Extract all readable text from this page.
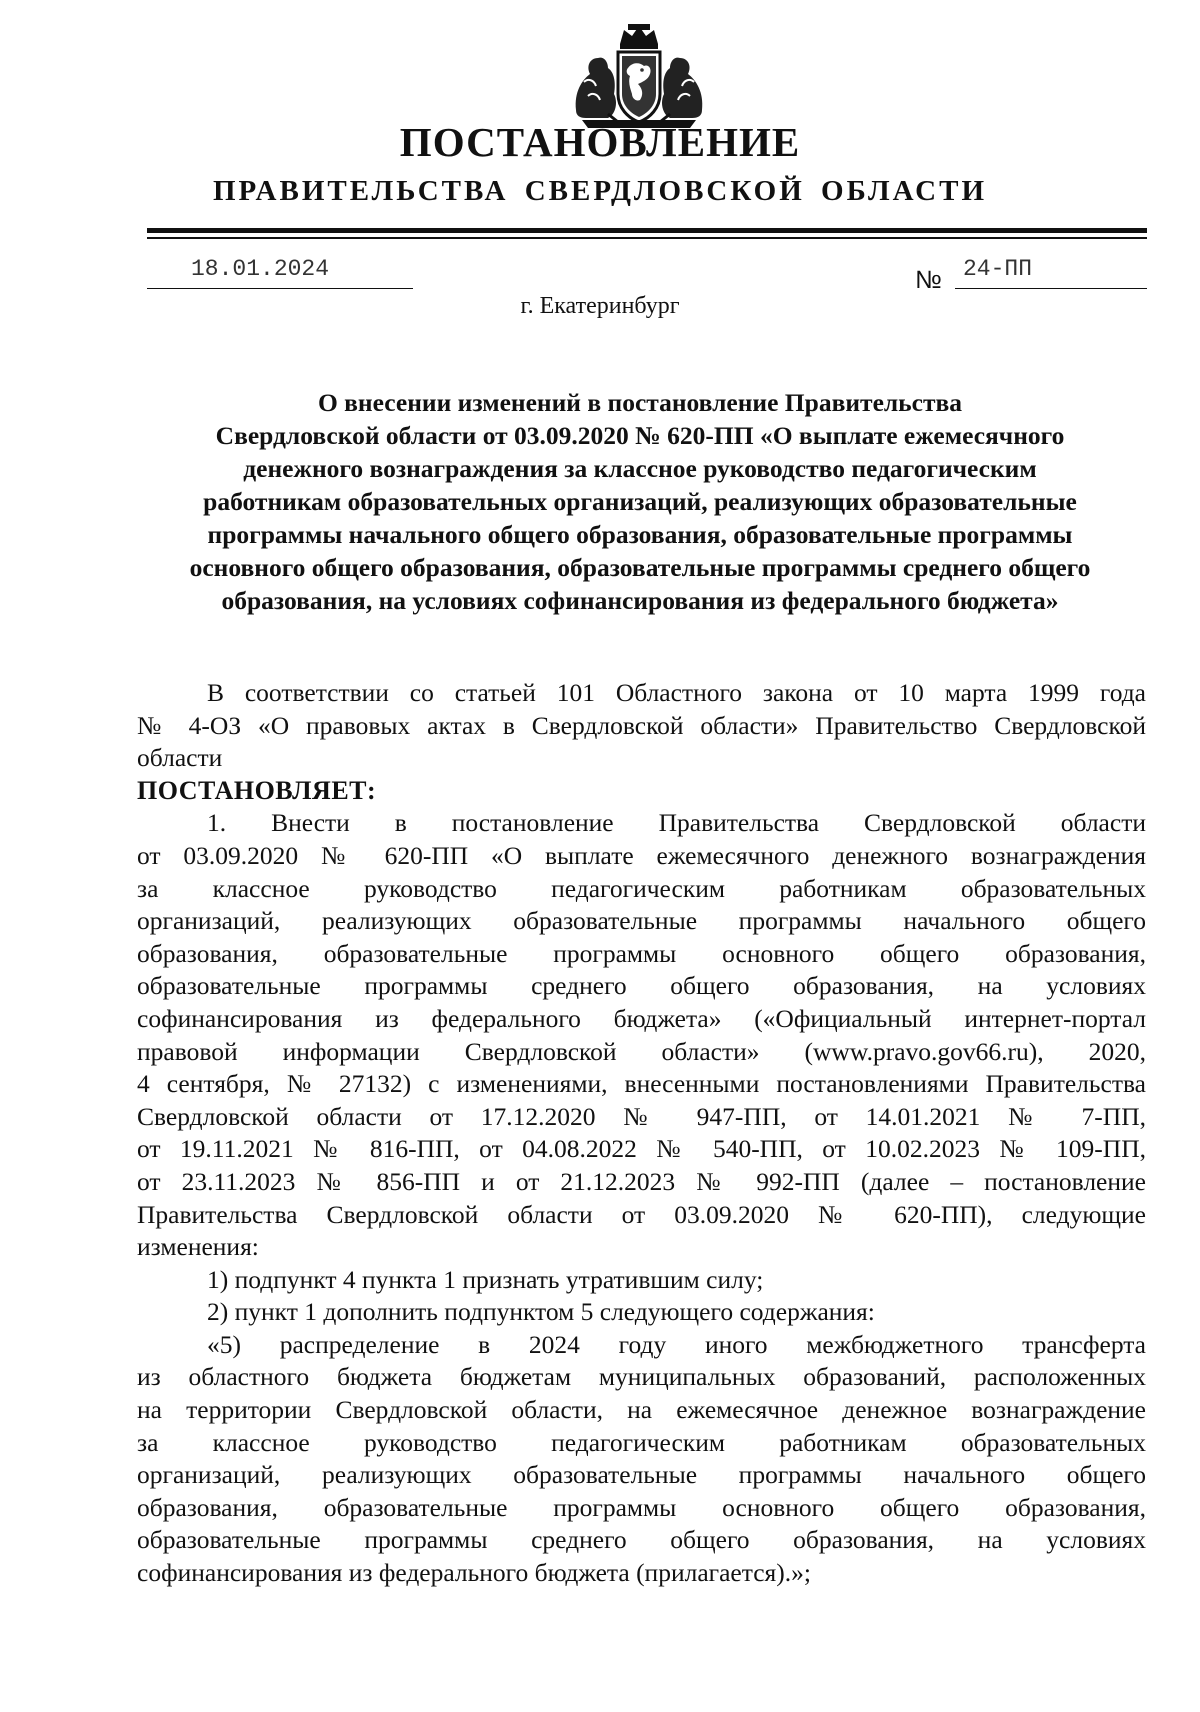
ПОСТАНОВЛЕНИЕ
ПРАВИТЕЛЬСТВА СВЕРДЛОВСКОЙ ОБЛАСТИ
18.01.2024	№ 24-ПП
г. Екатеринбург
О внесении изменений в постановление Правительства
Свердловской области от 03.09.2020 № 620-ПП «О выплате ежемесячного
денежного вознаграждения за классное руководство педагогическим
работникам образовательных организаций, реализующих образовательные
программы начального общего образования, образовательные программы
основного общего образования, образовательные программы среднего общего
образования, на условиях софинансирования из федерального бюджета»
В соответствии со статьей 101 Областного закона от 10 марта 1999 года
№ 4-ОЗ «О правовых актах в Свердловской области» Правительство Свердловской
области

ПОСТАНОВЛЯЕТ:

1. Внести в постановление Правительства Свердловской области
от 03.09.2020 № 620-ПП «О выплате ежемесячного денежного вознаграждения
за классное руководство педагогическим работникам образовательных
организаций, реализующих образовательные программы начального общего
образования, образовательные программы основного общего образования,
образовательные программы среднего общего образования, на условиях
софинансирования из федерального бюджета» («Официальный интернет-портал
правовой информации Свердловской области» (www.pravo.gov66.ru), 2020,
4 сентября, № 27132) с изменениями, внесенными постановлениями Правительства
Свердловской области от 17.12.2020 № 947-ПП, от 14.01.2021 № 7-ПП,
от 19.11.2021 № 816-ПП, от 04.08.2022 № 540-ПП, от 10.02.2023 № 109-ПП,
от 23.11.2023 № 856-ПП и от 21.12.2023 № 992-ПП (далее – постановление
Правительства Свердловской области от 03.09.2020 № 620-ПП), следующие
изменения:
1) подпункт 4 пункта 1 признать утратившим силу;
2) пункт 1 дополнить подпунктом 5 следующего содержания:
«5) распределение в 2024 году иного межбюджетного трансферта
из областного бюджета бюджетам муниципальных образований, расположенных
на территории Свердловской области, на ежемесячное денежное вознаграждение
за классное руководство педагогическим работникам образовательных
организаций, реализующих образовательные программы начального общего
образования, образовательные программы основного общего образования,
образовательные программы среднего общего образования, на условиях
софинансирования из федерального бюджета (прилагается).»;
